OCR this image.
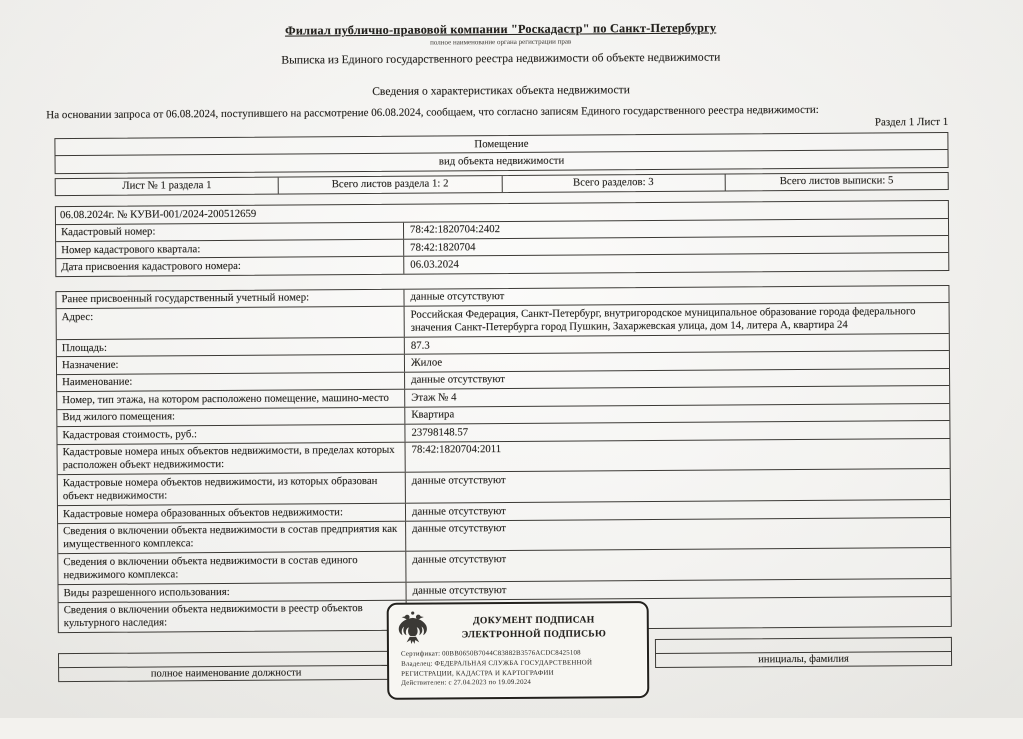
Филиал публично-правовой компании "Роскадастр" по Санкт-Петербургу
полное наименование органа регистрации прав
Выписка из Единого государственного реестра недвижимости об объекте недвижимости
Сведения о характеристиках объекта недвижимости
На основании запроса от 06.08.2024, поступившего на рассмотрение 06.08.2024, сообщаем, что согласно записям Единого государственного реестра недвижимости:
Раздел 1 Лист 1
Помещение
вид объекта недвижимости
Лист № 1 раздела 1	Всего листов раздела 1: 2	Всего разделов: 3	Всего листов выписки: 5
06.08.2024г. № КУВИ-001/2024-200512659
Кадастровый номер:	78:42:1820704:2402
Номер кадастрового квартала:	78:42:1820704
Дата присвоения кадастрового номера:	06.03.2024
Ранее присвоенный государственный учетный номер:	данные отсутствуют
Адрес:	Российская Федерация, Санкт-Петербург, внутригородское муниципальное образование города федерального значения Санкт-Петербурга город Пушкин, Захаржевская улица, дом 14, литера А, квартира 24
Площадь:	87.3
Назначение:	Жилое
Наименование:	данные отсутствуют
Номер, тип этажа, на котором расположено помещение, машино-место	Этаж № 4
Вид жилого помещения:	Квартира
Кадастровая стоимость, руб.:	23798148.57
Кадастровые номера иных объектов недвижимости, в пределах которых расположен объект недвижимости:
78:42:1820704:2011
Кадастровые номера объектов недвижимости, из которых образован объект недвижимости:
данные отсутствуют
Кадастровые номера образованных объектов недвижимости:	данные отсутствуют
Сведения о включении объекта недвижимости в состав предприятия как имущественного комплекса:
данные отсутствуют
Сведения о включении объекта недвижимости в состав единого недвижимого комплекса:
данные отсутствуют
Виды разрешенного использования:	данные отсутствуют
Сведения о включении объекта недвижимости в реестр объектов культурного наследия:
полное наименование должности
инициалы, фамилия
ДОКУМЕНТ ПОДПИСАН
ЭЛЕКТРОННОЙ ПОДПИСЬЮ
Сертификат: 00BB0650B7044C83882B3576ACDC8425108
Владелец: ФЕДЕРАЛЬНАЯ СЛУЖБА ГОСУДАРСТВЕННОЙ
РЕГИСТРАЦИИ, КАДАСТРА И КАРТОГРАФИИ
Действителен: с 27.04.2023 по 19.09.2024
